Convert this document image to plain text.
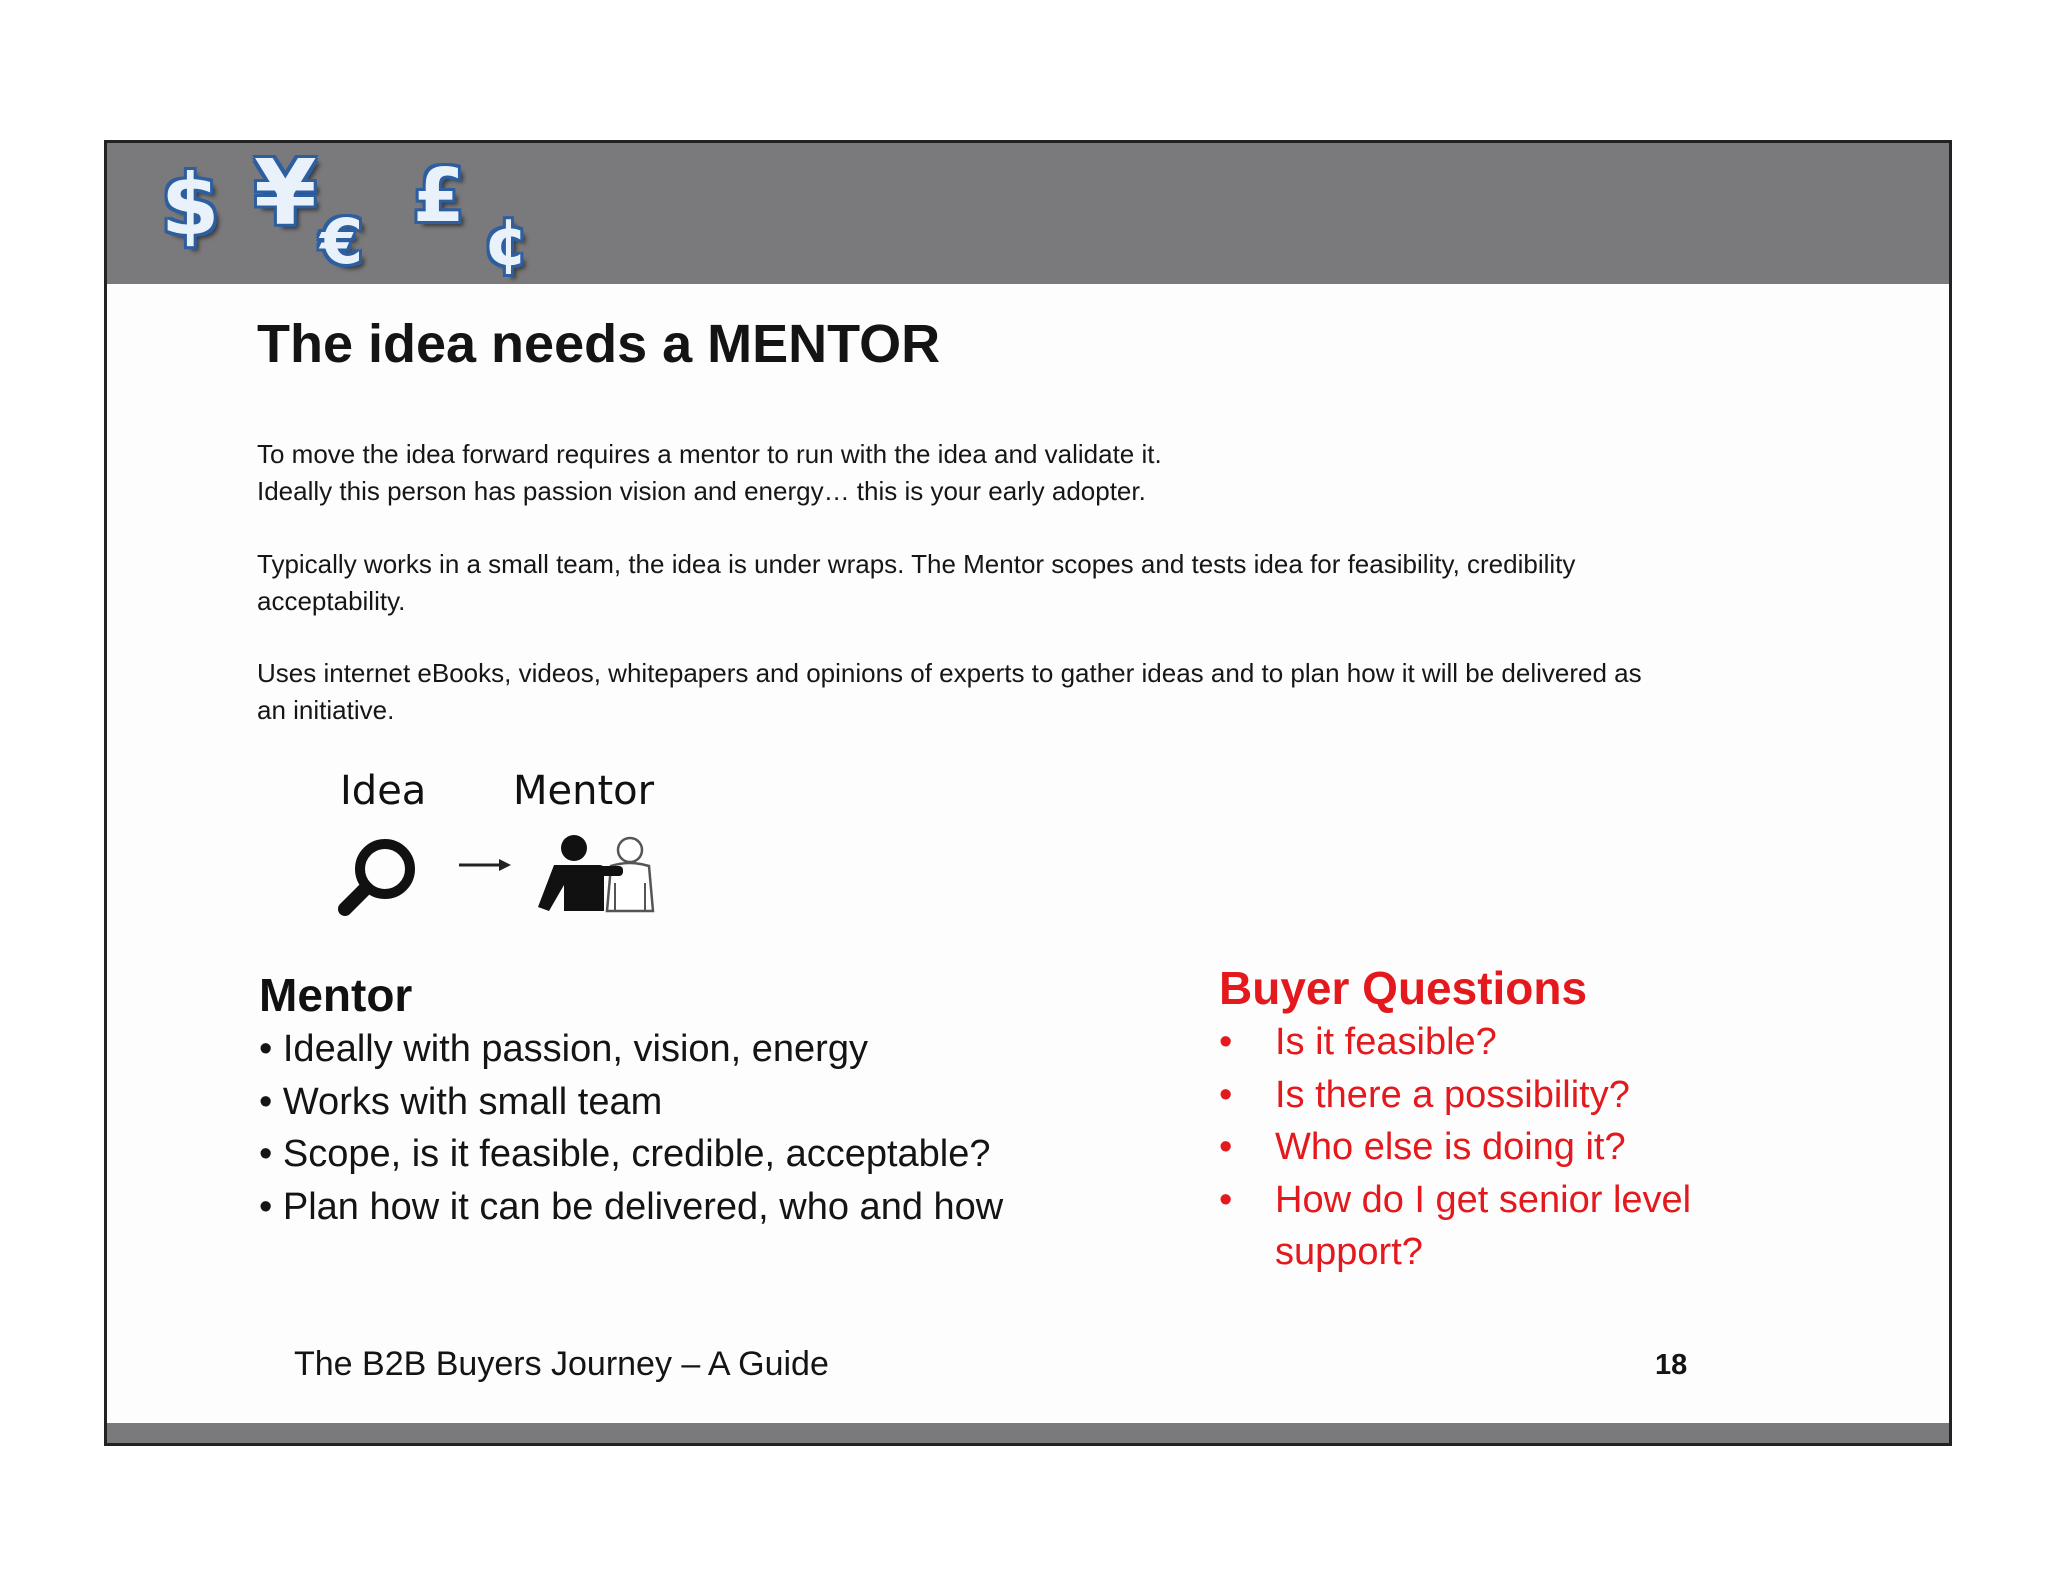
$ ¥ €
£
¢
The idea needs a MENTOR

To move the idea forward requires a mentor to run with the idea and validate it.
Ideally this person has passion vision and energy… this is your early adopter.

Typically works in a small team, the idea is under wraps. The Mentor scopes and tests idea for feasibility, credibility
acceptability.

Uses internet eBooks, videos, whitepapers and opinions of experts to gather ideas and to plan how it will be delivered as
an initiative.

Idea Mentor
Mentor
• Ideally with passion, vision, energy
• Works with small team
• Scope, is it feasible, credible, acceptable?
• Plan how it can be delivered, who and how
Buyer Questions
• Is it feasible?
• Is there a possibility?
• Who else is doing it?
• How do I get senior level support?

The B2B Buyers Journey – A Guide	18
